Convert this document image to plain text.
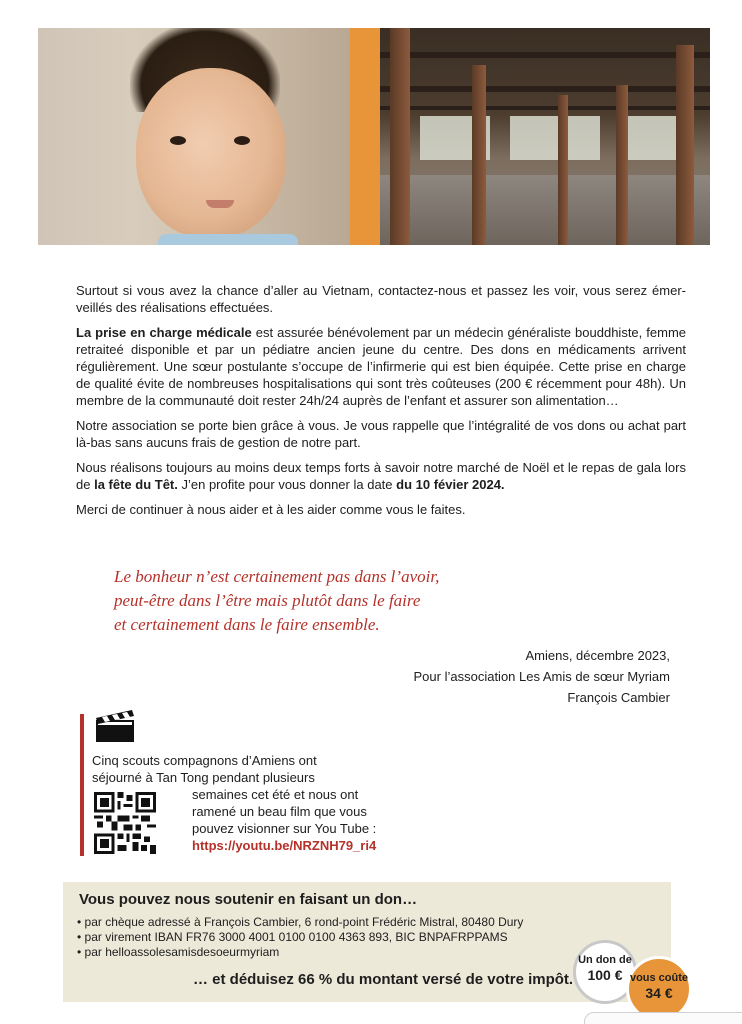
Surtout si vous avez la chance d’aller au Vietnam, contactez-nous et passez les voir, vous serez émerveillés des réalisations effectuées.

La prise en charge médicale est assurée bénévolement par un médecin généraliste bouddhiste, femme retraiteé disponible et par un pédiatre ancien jeune du centre. Des dons en médicaments arrivent régulièrement. Une sœur postulante s’occupe de l’infirmerie qui est bien équipée. Cette prise en charge de qualité évite de nombreuses hospitalisations qui sont très coûteuses (200 € récemment pour 48h). Un membre de la communauté doit rester 24h/24 auprès de l’enfant et assurer son alimentation…

Notre association se porte bien grâce à vous. Je vous rappelle que l’intégralité de vos dons ou achat part là-bas sans aucuns frais de gestion de notre part.

Nous réalisons toujours au moins deux temps forts à savoir notre marché de Noël et le repas de gala lors de la fête du Têt. J’en profite pour vous donner la date du 10 févier 2024.

Merci de continuer à nous aider et à les aider comme vous le faites.

Le bonheur n’est certainement pas dans l’avoir,
peut-être dans l’être mais plutôt dans le faire
et certainement dans le faire ensemble.
Amiens, décembre 2023,
Pour l’association Les Amis de sœur Myriam
François Cambier
Cinq scouts compagnons d’Amiens ont
séjourné à Tan Tong pendant plusieurs
semaines cet été et nous ont
ramené un beau film que vous
pouvez visionner sur You Tube :
https://youtu.be/NRZNH79_ri4
Vous pouvez nous soutenir en faisant un don…
• par chèque adressé à François Cambier, 6 rond-point Frédéric Mistral, 80480 Dury
• par virement IBAN FR76 3000 4001 0100 0100 4363 893, BIC BNPAFRPPAMS
• par helloassolesamisdesoeurmyriam
… et déduisez 66 % du montant versé de votre impôt.
Un don de
100 € vous coûte
34 €
